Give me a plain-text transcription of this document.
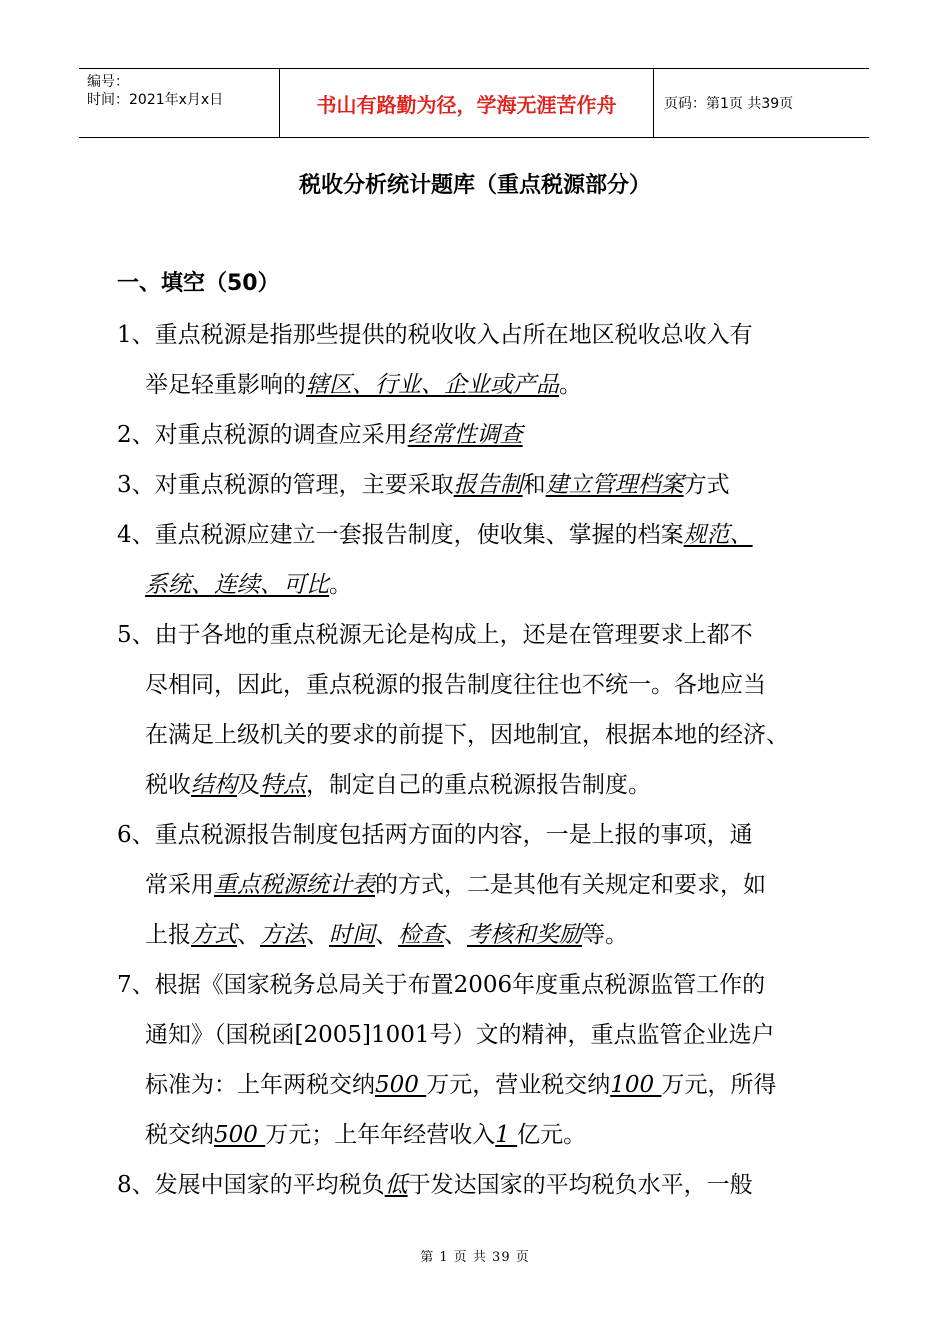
编号：
时间：2021年x月x日	书山有路勤为径，学海无涯苦作舟	页码：第1页 共39页
税收分析统计题库（重点税源部分）
一、填空（50）

1、重点税源是指那些提供的税收收入占所在地区税收总收入有
举足轻重影响的辖区、行业、企业或产品。

2、对重点税源的调查应采用经常性调查

3、对重点税源的管理，主要采取报告制和建立管理档案方式

4、重点税源应建立一套报告制度，使收集、掌握的档案规范、
系统、连续、可比。

5、由于各地的重点税源无论是构成上，还是在管理要求上都不
尽相同，因此，重点税源的报告制度往往也不统一。各地应当
在满足上级机关的要求的前提下，因地制宜，根据本地的经济、
税收结构及特点，制定自己的重点税源报告制度。

6、重点税源报告制度包括两方面的内容，一是上报的事项，通
常采用重点税源统计表的方式，二是其他有关规定和要求，如
上报方式、方法、时间、检查、考核和奖励等。

7、根据《国家税务总局关于布置2006年度重点税源监管工作的
通知》（国税函[2005]1001号）文的精神，重点监管企业选户
标准为：上年两税交纳500 万元，营业税交纳100 万元，所得
税交纳500 万元；上年年经营收入1 亿元。

8、发展中国家的平均税负低于发达国家的平均税负水平，一般

第 1 页 共 39 页
